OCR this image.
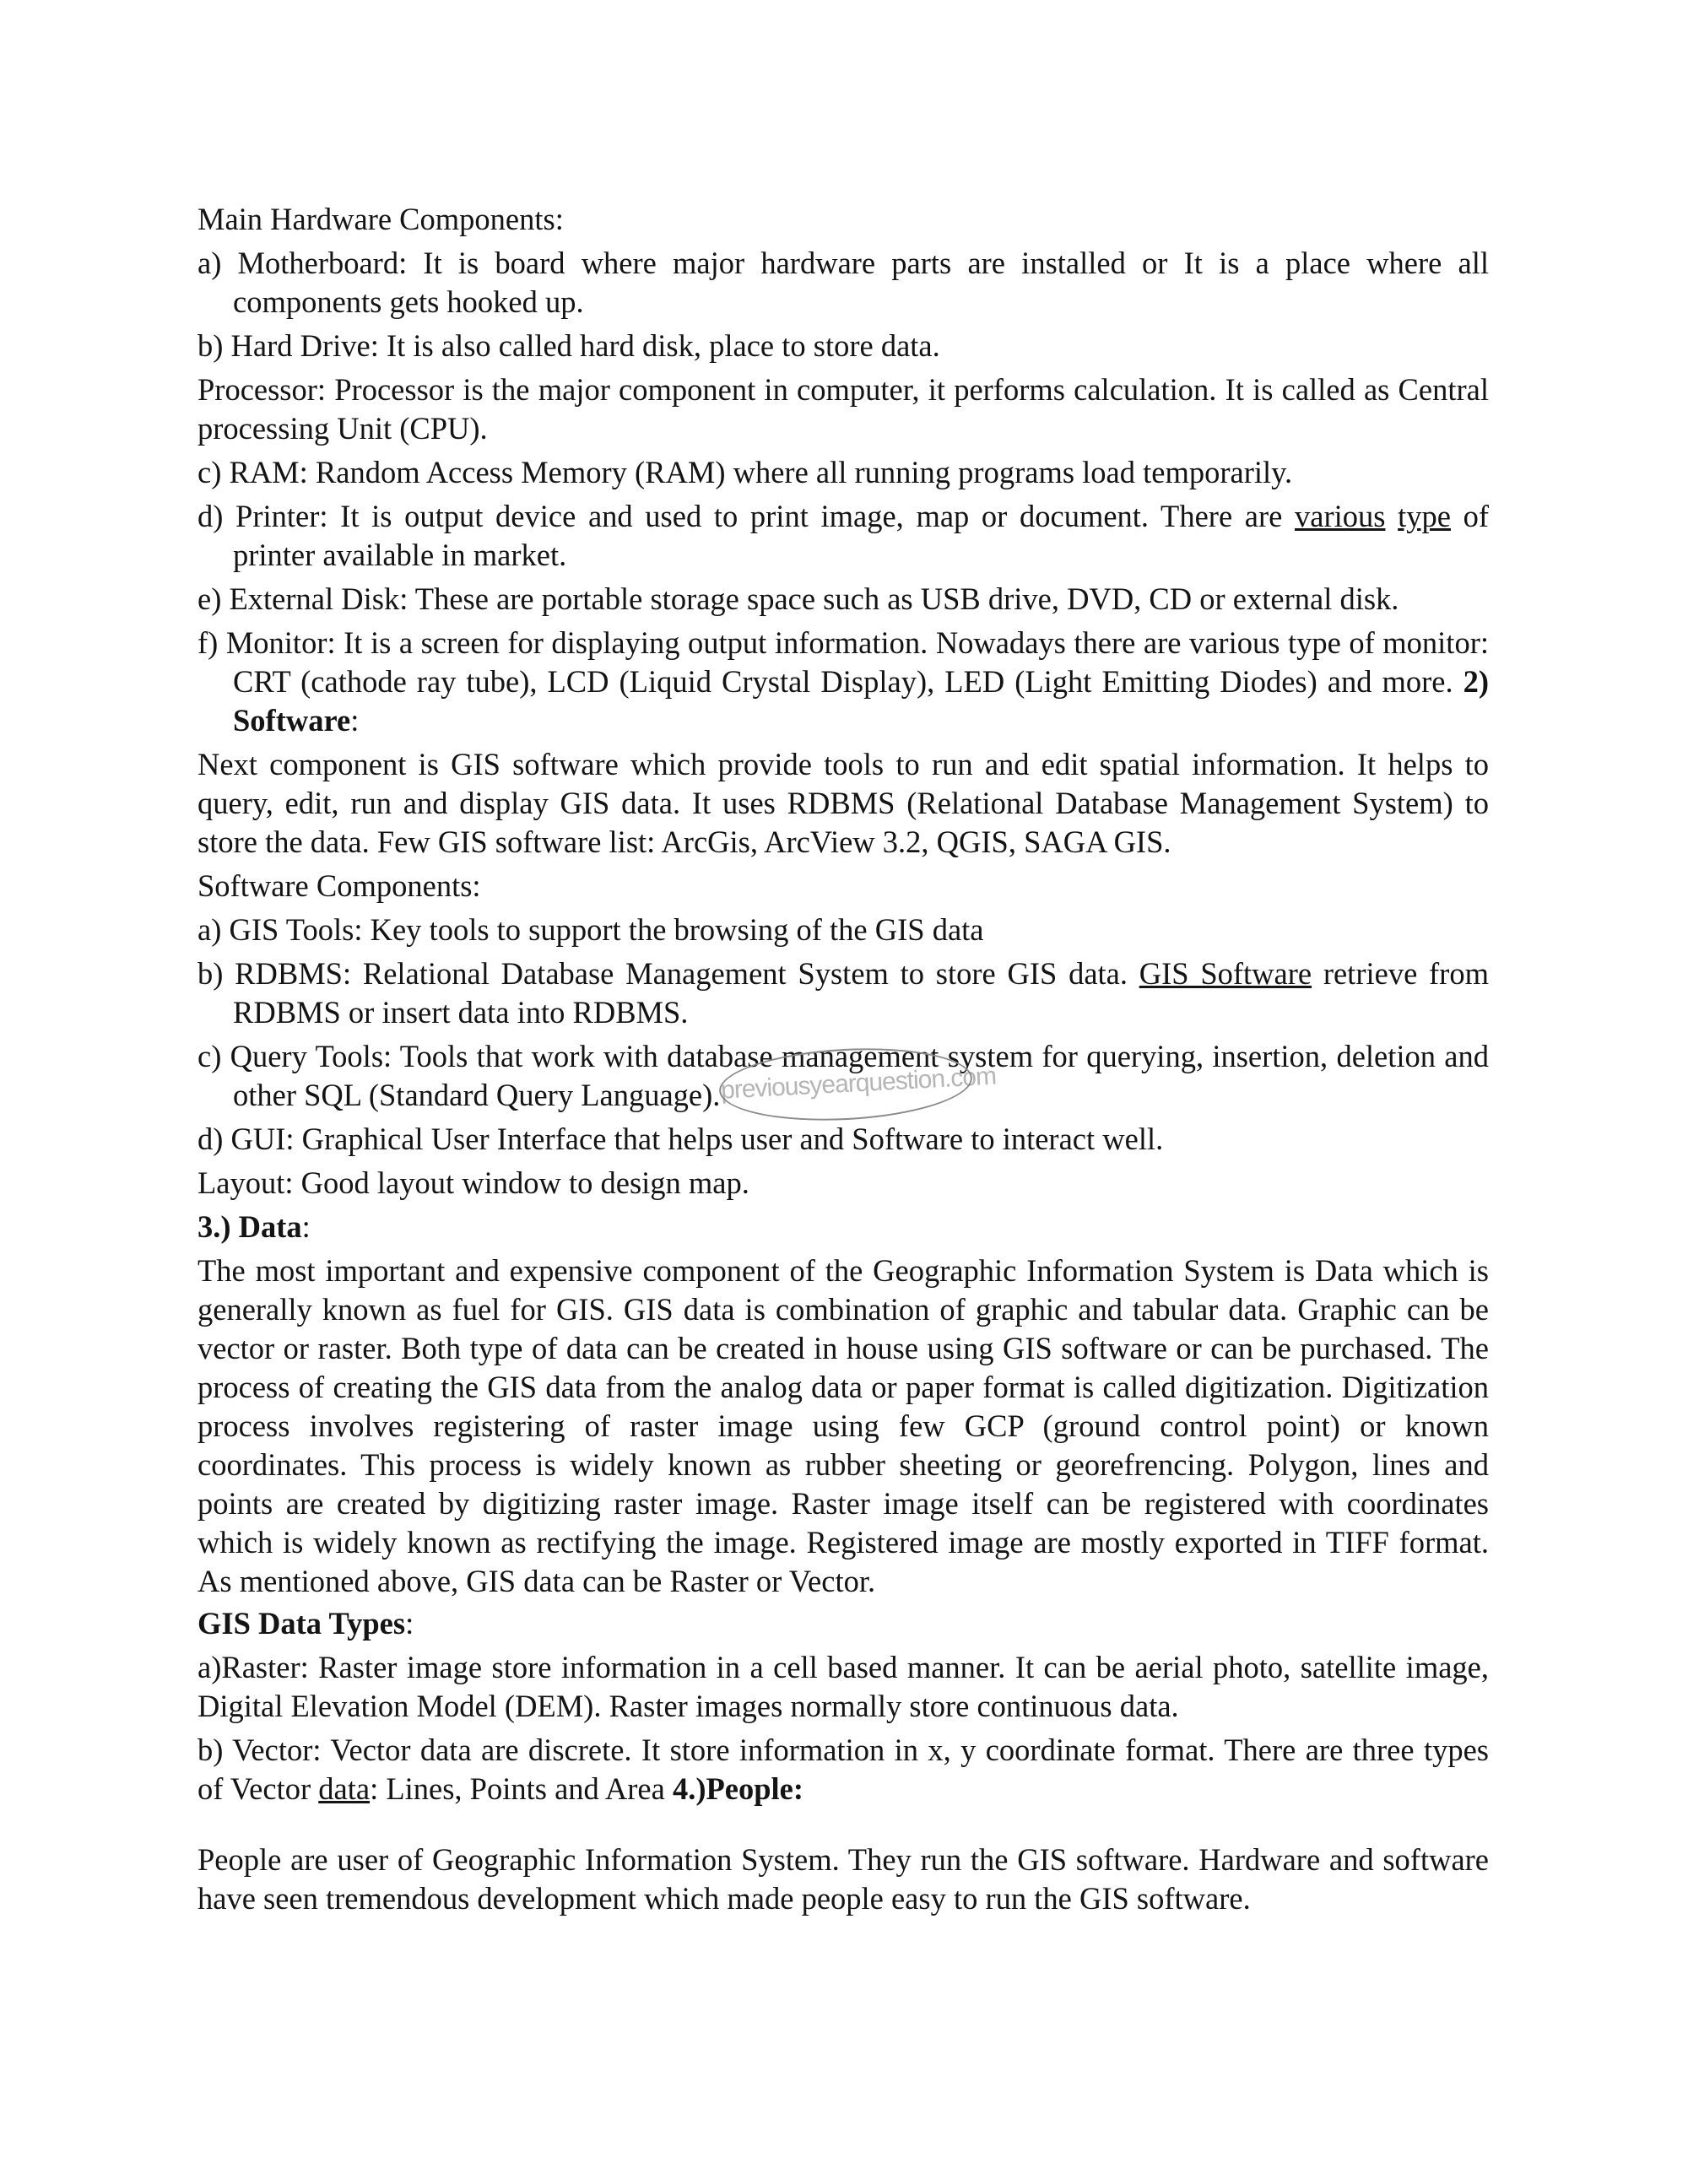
Main Hardware Components:
a) Motherboard: It is board where major hardware parts are installed or It is a place where all components gets hooked up.
b) Hard Drive: It is also called hard disk, place to store data.
Processor: Processor is the major component in computer, it performs calculation. It is called as Central processing Unit (CPU).
c) RAM: Random Access Memory (RAM) where all running programs load temporarily.
d) Printer: It is output device and used to print image, map or document. There are various type of printer available in market.
e) External Disk: These are portable storage space such as USB drive, DVD, CD or external disk.
f) Monitor: It is a screen for displaying output information. Nowadays there are various type of monitor: CRT (cathode ray tube), LCD (Liquid Crystal Display), LED (Light Emitting Diodes) and more. 2) Software:
Next component is GIS software which provide tools to run and edit spatial information. It helps to query, edit, run and display GIS data. It uses RDBMS (Relational Database Management System) to store the data. Few GIS software list: ArcGis, ArcView 3.2, QGIS, SAGA GIS.
Software Components:
a) GIS Tools: Key tools to support the browsing of the GIS data
b) RDBMS: Relational Database Management System to store GIS data. GIS Software retrieve from RDBMS or insert data into RDBMS.
c) Query Tools: Tools that work with database management system for querying, insertion, deletion and other SQL (Standard Query Language).
d) GUI: Graphical User Interface that helps user and Software to interact well.
Layout: Good layout window to design map.
3.) Data:
The most important and expensive component of the Geographic Information System is Data which is generally known as fuel for GIS. GIS data is combination of graphic and tabular data. Graphic can be vector or raster. Both type of data can be created in house using GIS software or can be purchased. The process of creating the GIS data from the analog data or paper format is called digitization. Digitization process involves registering of raster image using few GCP (ground control point) or known coordinates. This process is widely known as rubber sheeting or georefrencing. Polygon, lines and points are created by digitizing raster image. Raster image itself can be registered with coordinates which is widely known as rectifying the image. Registered image are mostly exported in TIFF format. As mentioned above, GIS data can be Raster or Vector.
GIS Data Types:
a)Raster: Raster image store information in a cell based manner. It can be aerial photo, satellite image, Digital Elevation Model (DEM). Raster images normally store continuous data.
b) Vector: Vector data are discrete. It store information in x, y coordinate format. There are three types of Vector data: Lines, Points and Area 4.)People:
People are user of Geographic Information System. They run the GIS software. Hardware and software have seen tremendous development which made people easy to run the GIS software.
previousyearquestion.com
